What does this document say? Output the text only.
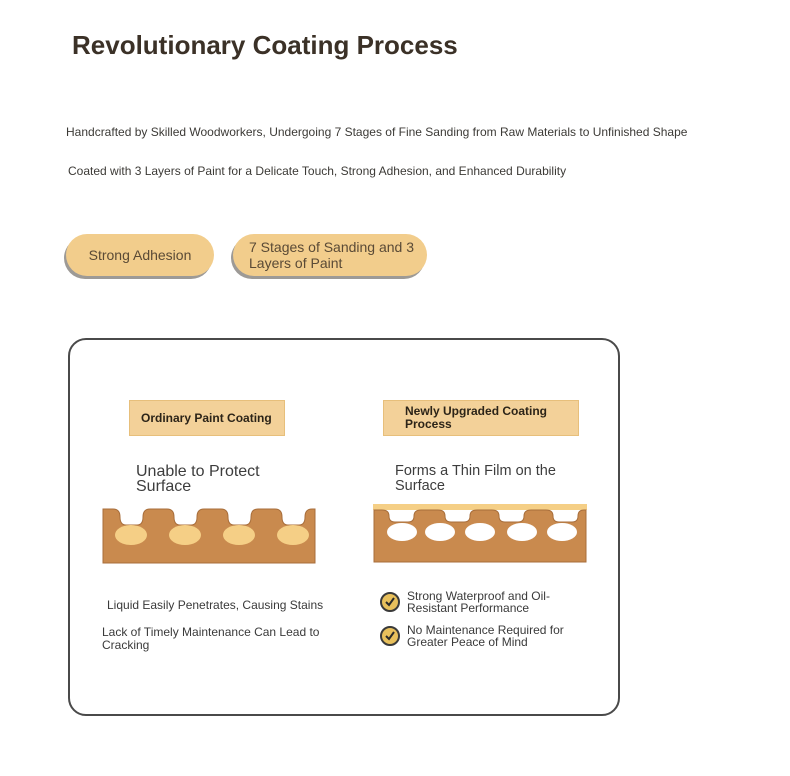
Revolutionary Coating Process
Handcrafted by Skilled Woodworkers, Undergoing 7 Stages of Fine Sanding from Raw Materials to Unfinished Shape
Coated with 3 Layers of Paint for a Delicate Touch, Strong Adhesion, and Enhanced Durability
Strong Adhesion	7 Stages of Sanding and 3 Layers of Paint
Ordinary Paint Coating	Newly Upgraded Coating Process
Unable to Protect Surface
Forms a Thin Film on the Surface
Liquid Easily Penetrates, Causing Stains
Lack of Timely Maintenance Can Lead to Cracking
Strong Waterproof and Oil-Resistant Performance
No Maintenance Required for Greater Peace of Mind
